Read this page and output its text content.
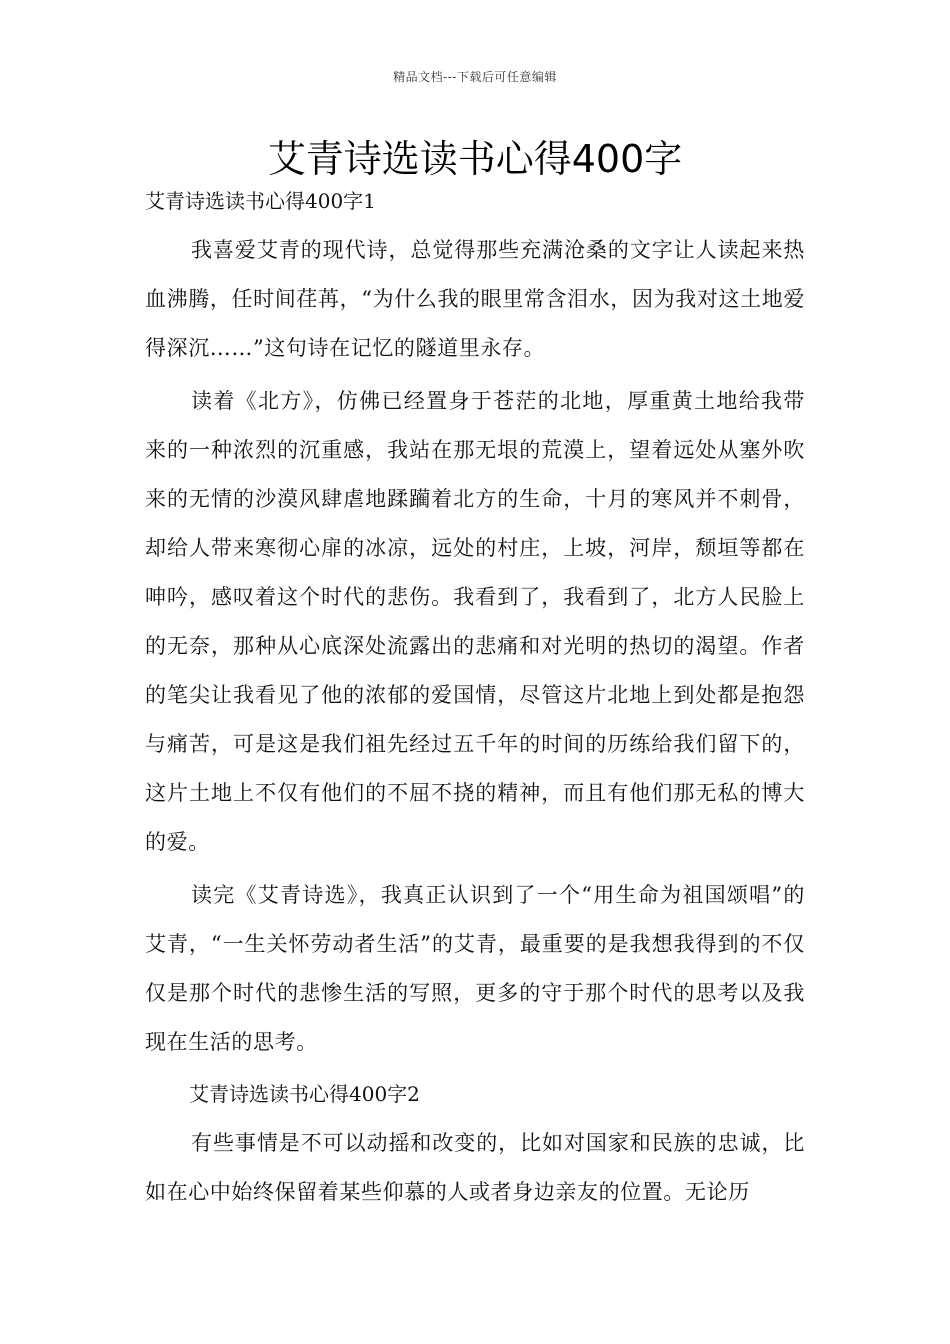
精品文档---下载后可任意编辑
艾青诗选读书心得400字

艾青诗选读书心得400字1

我喜爱艾青的现代诗，总觉得那些充满沧桑的文字让人读起来热血沸腾，任时间荏苒，“为什么我的眼里常含泪水，因为我对这土地爱得深沉……”这句诗在记忆的隧道里永存。

读着《北方》，仿佛已经置身于苍茫的北地，厚重黄土地给我带来的一种浓烈的沉重感，我站在那无垠的荒漠上，望着远处从塞外吹来的无情的沙漠风肆虐地蹂躏着北方的生命，十月的寒风并不刺骨，却给人带来寒彻心扉的冰凉，远处的村庄，上坡，河岸，颓垣等都在呻吟，感叹着这个时代的悲伤。我看到了，我看到了，北方人民脸上的无奈，那种从心底深处流露出的悲痛和对光明的热切的渴望。作者的笔尖让我看见了他的浓郁的爱国情，尽管这片北地上到处都是抱怨与痛苦，可是这是我们祖先经过五千年的时间的历练给我们留下的，这片土地上不仅有他们的不屈不挠的精神，而且有他们那无私的博大的爱。

读完《艾青诗选》，我真正认识到了一个“用生命为祖国颂唱”的艾青，“一生关怀劳动者生活”的艾青，最重要的是我想我得到的不仅仅是那个时代的悲惨生活的写照，更多的守于那个时代的思考以及我现在生活的思考。

艾青诗选读书心得400字2

有些事情是不可以动摇和改变的，比如对国家和民族的忠诚，比如在心中始终保留着某些仰慕的人或者身边亲友的位置。无论历
